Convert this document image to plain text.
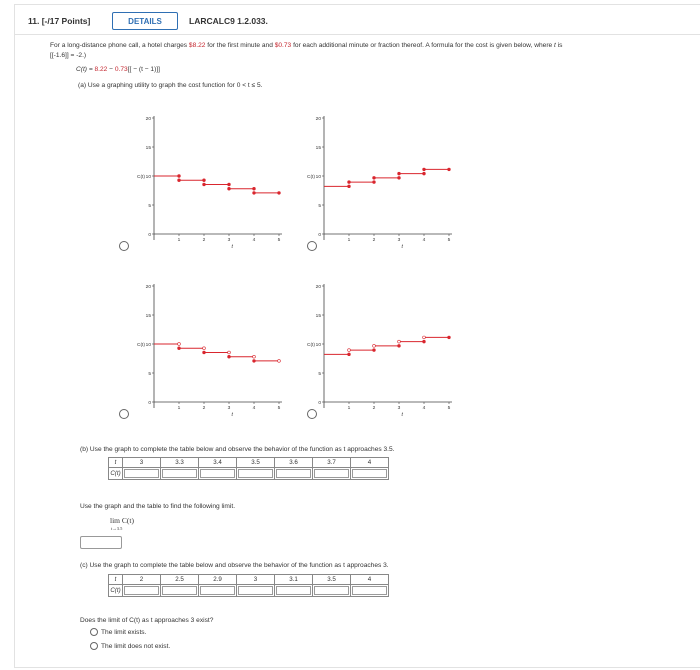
11. [-/17 Points]	DETAILS	LARCALC9 1.2.033.
For a long-distance phone call, a hotel charges $8.22 for the first minute and $0.73 for each additional minute or fraction thereof. A formula for the cost is given below, where t is
[[-1.6]] = -2.)
C(t) = 8.22 − 0.73[[ − (t − 1)]]
(a) Use a graphing utility to graph the cost function for 0 < t ≤ 5.
20
15
10
5
0
1	2	3	4	5
C(t)
t
20
15
10
5
0
1	2	3	4	5
C(t)
t
20
15
10
5
0
1	2	3	4	5
C(t)
t
20
15
10
5
0
1	2	3	4	5
C(t)
t
(b) Use the graph to complete the table below and observe the behavior of the function as t approaches 3.5.
t	3	3.3	3.4	3.5	3.6	3.7	4
C(t)							
Use the graph and the table to find the following limit.
lim C(t)
t→3.5
(c) Use the graph to complete the table below and observe the behavior of the function as t approaches 3.
t	2	2.5	2.9	3	3.1	3.5	4
C(t)							
Does the limit of C(t) as t approaches 3 exist?
The limit exists.
The limit does not exist.
